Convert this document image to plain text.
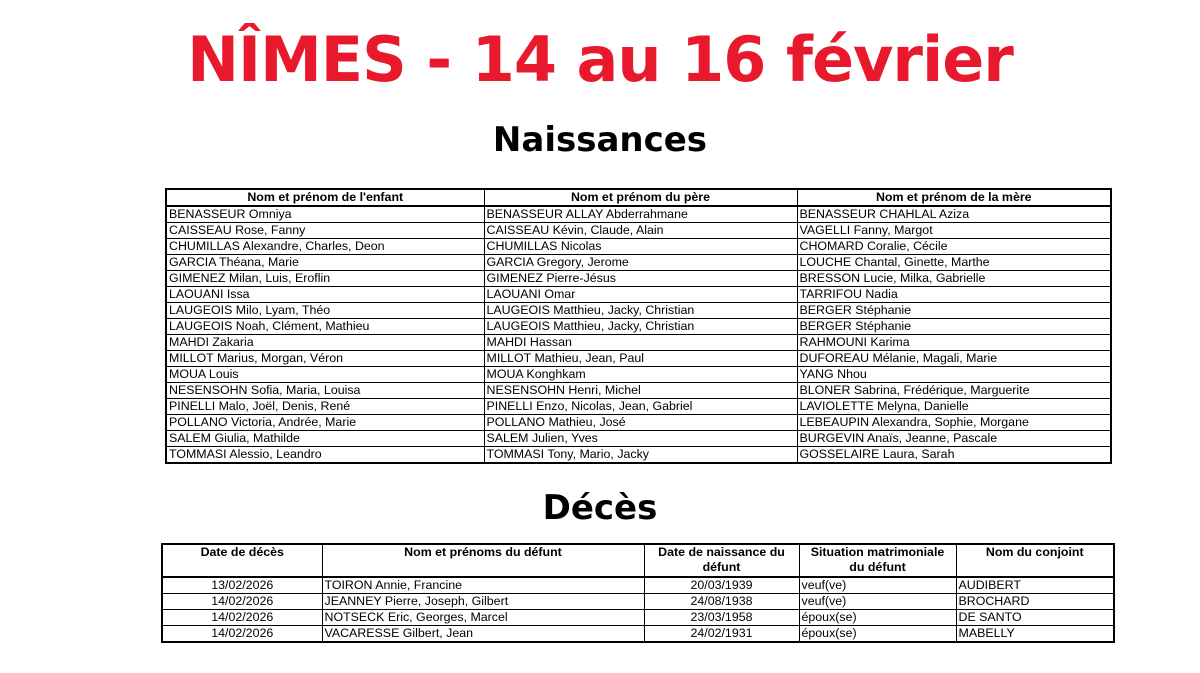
NÎMES - 14 au 16 février
Naissances
Nom et prénom de l'enfant	Nom et prénom du père	Nom et prénom de la mère
BENASSEUR Omniya	BENASSEUR ALLAY Abderrahmane	BENASSEUR CHAHLAL Aziza
CAISSEAU Rose, Fanny	CAISSEAU Kévin, Claude, Alain	VAGELLI Fanny, Margot
CHUMILLAS Alexandre, Charles, Deon	CHUMILLAS Nicolas	CHOMARD Coralie, Cécile
GARCIA Théana, Marie	GARCIA Gregory, Jerome	LOUCHE Chantal, Ginette, Marthe
GIMENEZ Milan, Luis, Eroflin	GIMENEZ Pierre-Jésus	BRESSON Lucie, Milka, Gabrielle
LAOUANI Issa	LAOUANI Omar	TARRIFOU Nadia
LAUGEOIS Milo, Lyam, Théo	LAUGEOIS Matthieu, Jacky, Christian	BERGER Stéphanie
LAUGEOIS Noah, Clément, Mathieu	LAUGEOIS Matthieu, Jacky, Christian	BERGER Stéphanie
MAHDI Zakaria	MAHDI Hassan	RAHMOUNI Karima
MILLOT Marius, Morgan, Véron	MILLOT Mathieu, Jean, Paul	DUFOREAU Mélanie, Magali, Marie
MOUA Louis	MOUA Konghkam	YANG Nhou
NESENSOHN Sofia, Maria, Louisa	NESENSOHN Henri, Michel	BLONER Sabrina, Frédérique, Marguerite
PINELLI Malo, Joël, Denis, René	PINELLI Enzo, Nicolas, Jean, Gabriel	LAVIOLETTE Melyna, Danielle
POLLANO Victoria, Andrée, Marie	POLLANO Mathieu, José	LEBEAUPIN Alexandra, Sophie, Morgane
SALEM Giulia, Mathilde	SALEM Julien, Yves	BURGEVIN Anaïs, Jeanne, Pascale
TOMMASI Alessio, Leandro	TOMMASI Tony, Mario, Jacky	GOSSELAIRE Laura, Sarah
Décès
Date de décès	Nom et prénoms du défunt	Date de naissance du défunt	Situation matrimoniale du défunt	Nom du conjoint
13/02/2026	TOIRON Annie, Francine	20/03/1939	veuf(ve)	AUDIBERT
14/02/2026	JEANNEY Pierre, Joseph, Gilbert	24/08/1938	veuf(ve)	BROCHARD
14/02/2026	NOTSECK Eric, Georges, Marcel	23/03/1958	époux(se)	DE SANTO
14/02/2026	VACARESSE Gilbert, Jean	24/02/1931	époux(se)	MABELLY
